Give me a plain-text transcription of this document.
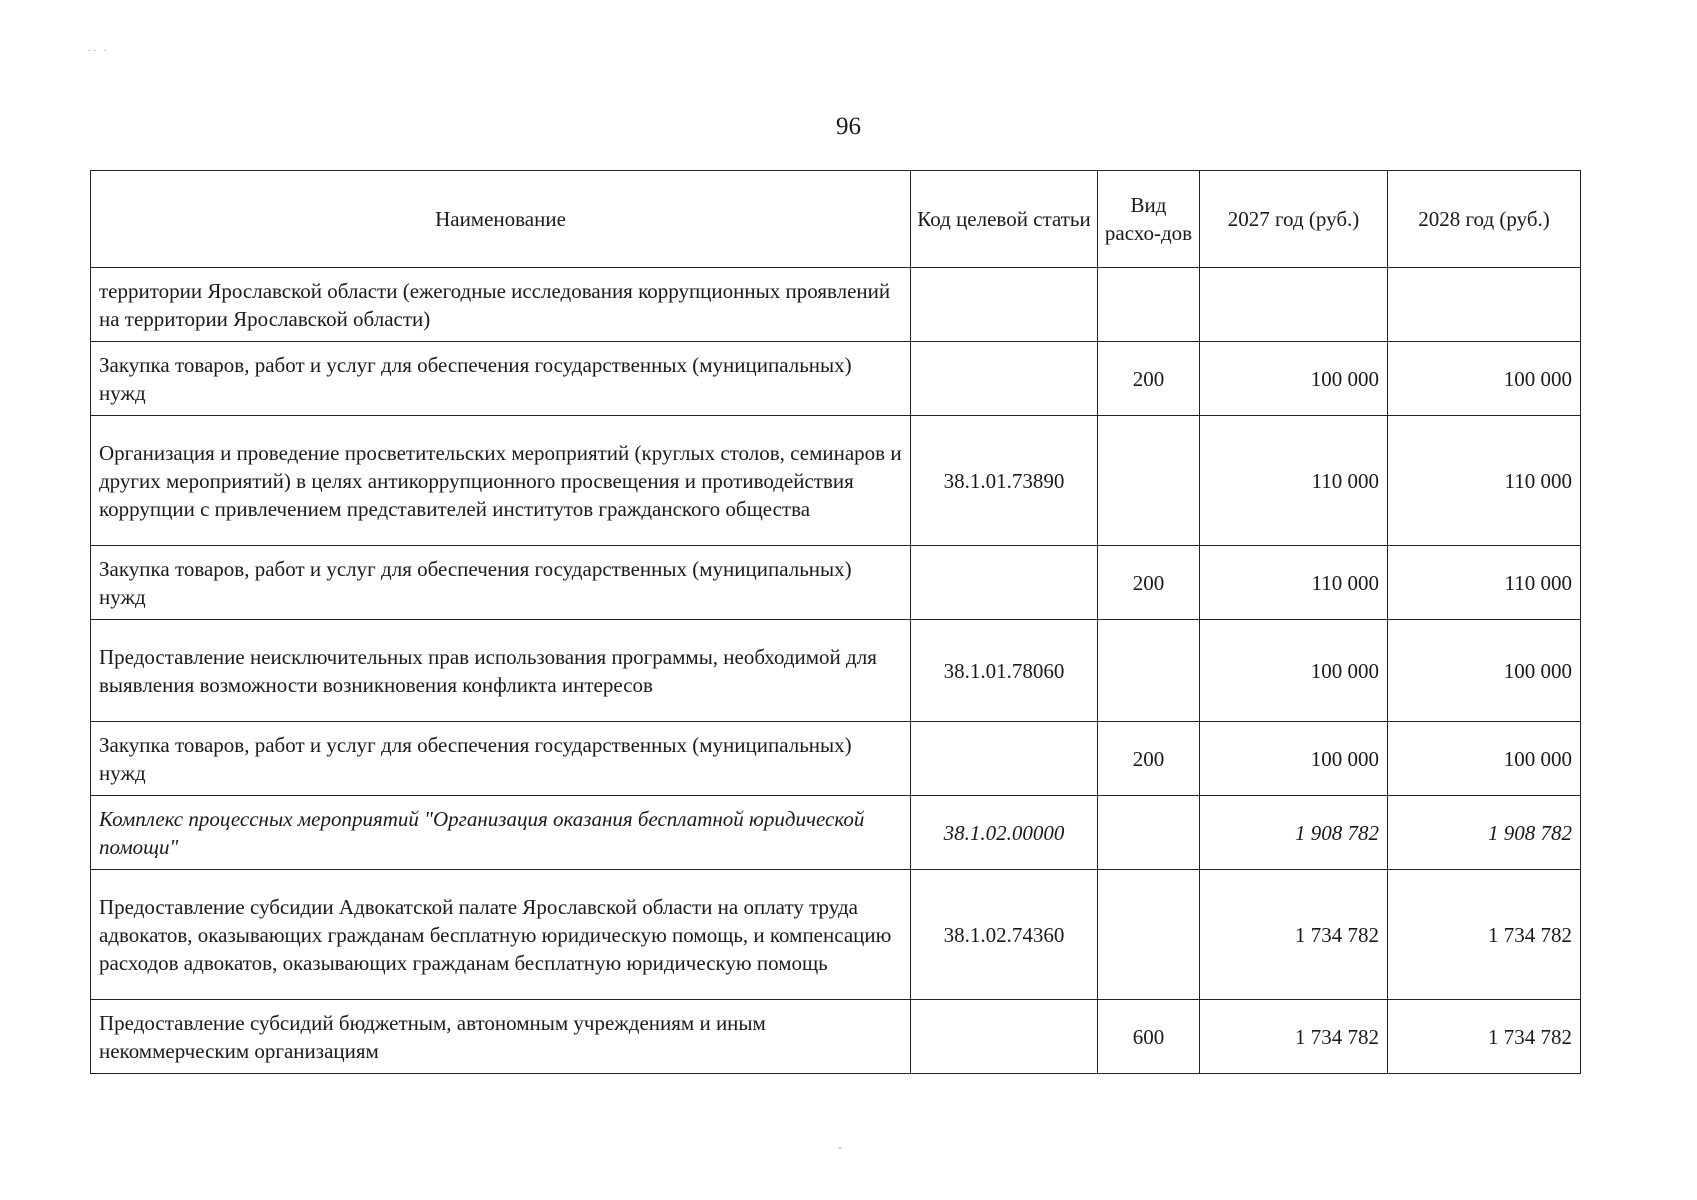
·· ·
96
Наименование	Код целевой статьи	Вид расхо-дов	2027 год (руб.)	2028 год (руб.)
территории Ярославской области (ежегодные исследования коррупционных проявлений на территории Ярославской области)				
Закупка товаров, работ и услуг для обеспечения государственных (муниципальных) нужд		200	100 000	100 000
Организация и проведение просветительских мероприятий (круглых столов, семинаров и других мероприятий) в целях антикоррупционного просвещения и противодействия коррупции с привлечением представителей институтов гражданского общества	38.1.01.73890		110 000	110 000
Закупка товаров, работ и услуг для обеспечения государственных (муниципальных) нужд		200	110 000	110 000
Предоставление неисключительных прав использования программы, необходимой для выявления возможности возникновения конфликта интересов	38.1.01.78060		100 000	100 000
Закупка товаров, работ и услуг для обеспечения государственных (муниципальных) нужд		200	100 000	100 000
Комплекс процессных мероприятий "Организация оказания бесплатной юридической помощи"	38.1.02.00000		1 908 782	1 908 782
Предоставление субсидии Адвокатской палате Ярославской области на оплату труда адвокатов, оказывающих гражданам бесплатную юридическую помощь, и компенсацию расходов адвокатов, оказывающих гражданам бесплатную юридическую помощь	38.1.02.74360		1 734 782	1 734 782
Предоставление субсидий бюджетным, автономным учреждениям и иным некоммерческим организациям		600	1 734 782	1 734 782
-
